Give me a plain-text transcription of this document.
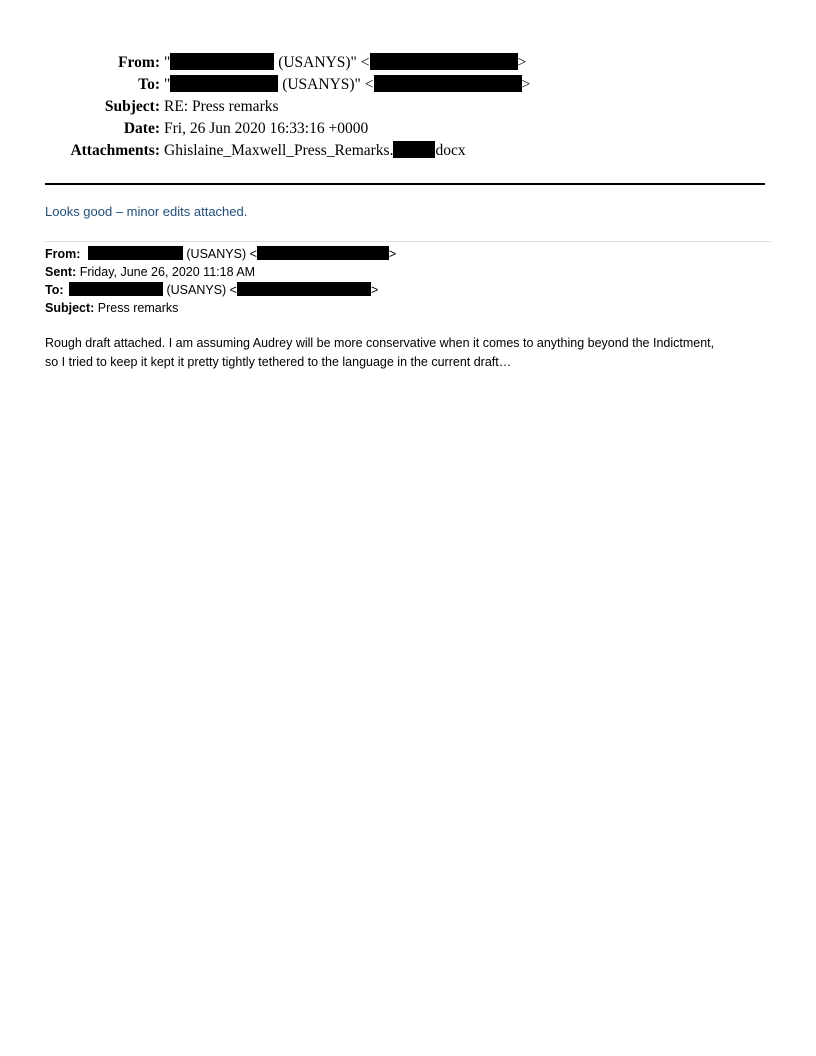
From: "	(USANYS)" <	>
To: "	(USANYS)" <	>
Subject: RE: Press remarks
Date: Fri, 26 Jun 2020 16:33:16 +0000
Attachments: Ghislaine_Maxwell_Press_Remarks.	docx
Looks good – minor edits attached.
From:	(USANYS) <	>
Sent: Friday, June 26, 2020 11:18 AM
To:	(USANYS) <	>
Subject: Press remarks

Rough draft attached. I am assuming Audrey will be more conservative when it comes to anything beyond the Indictment,

so I tried to keep it kept it pretty tightly tethered to the language in the current draft…
